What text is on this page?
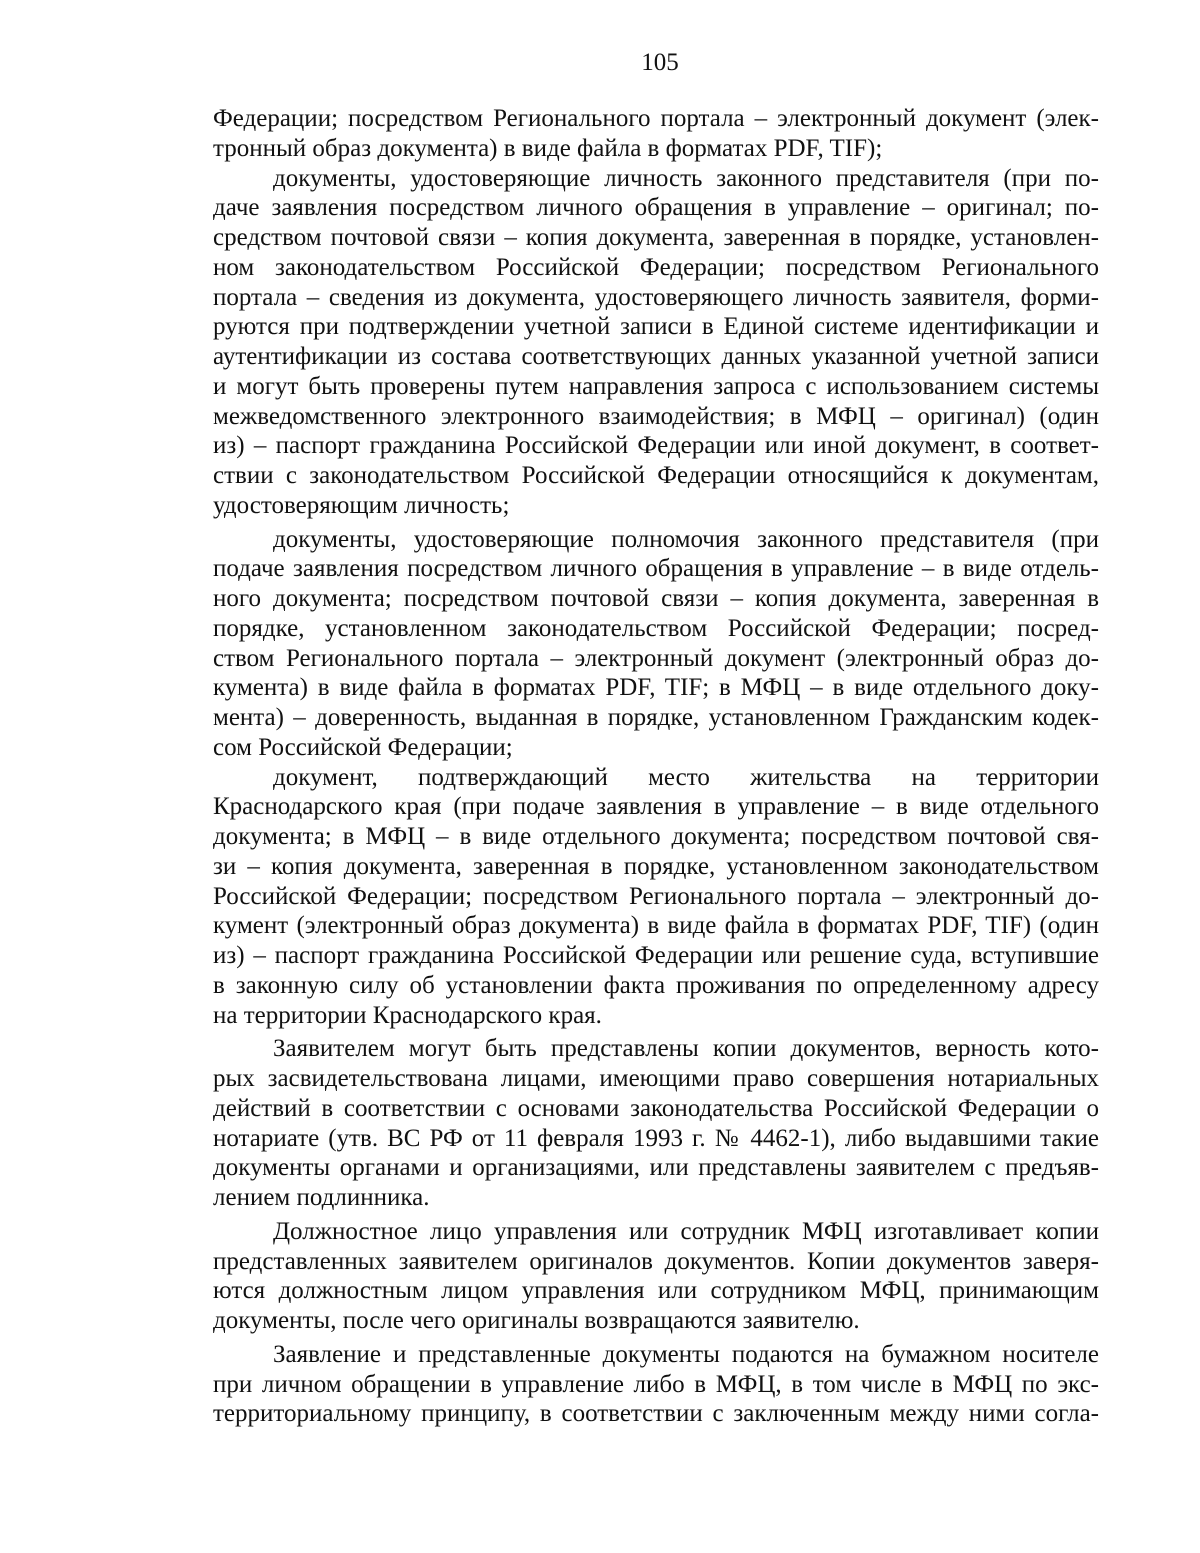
105
Федерации; посредством Регионального портала – электронный документ (элек-
тронный образ документа) в виде файла в форматах PDF, TIF);
документы, удостоверяющие личность законного представителя (при по-
даче заявления посредством личного обращения в управление – оригинал; по-
средством почтовой связи – копия документа, заверенная в порядке, установлен-
ном законодательством Российской Федерации; посредством Регионального
портала – сведения из документа, удостоверяющего личность заявителя, форми-
руются при подтверждении учетной записи в Единой системе идентификации и
аутентификации из состава соответствующих данных указанной учетной записи
и могут быть проверены путем направления запроса с использованием системы
межведомственного электронного взаимодействия; в МФЦ – оригинал) (один
из) – паспорт гражданина Российской Федерации или иной документ, в соответ-
ствии с законодательством Российской Федерации относящийся к документам,
удостоверяющим личность;
документы, удостоверяющие полномочия законного представителя (при
подаче заявления посредством личного обращения в управление – в виде отдель-
ного документа; посредством почтовой связи – копия документа, заверенная в
порядке, установленном законодательством Российской Федерации; посред-
ством Регионального портала – электронный документ (электронный образ до-
кумента) в виде файла в форматах PDF, TIF; в МФЦ – в виде отдельного доку-
мента) – доверенность, выданная в порядке, установленном Гражданским кодек-
сом Российской Федерации;
документ, подтверждающий место жительства на территории
Краснодарского края (при подаче заявления в управление – в виде отдельного
документа; в МФЦ – в виде отдельного документа; посредством почтовой свя-
зи – копия документа, заверенная в порядке, установленном законодательством
Российской Федерации; посредством Регионального портала – электронный до-
кумент (электронный образ документа) в виде файла в форматах PDF, TIF) (один
из) – паспорт гражданина Российской Федерации или решение суда, вступившие
в законную силу об установлении факта проживания по определенному адресу
на территории Краснодарского края.
Заявителем могут быть представлены копии документов, верность кото-
рых засвидетельствована лицами, имеющими право совершения нотариальных
действий в соответствии с основами законодательства Российской Федерации о
нотариате (утв. ВС РФ от 11 февраля 1993 г. № 4462-1), либо выдавшими такие
документы органами и организациями, или представлены заявителем с предъяв-
лением подлинника.
Должностное лицо управления или сотрудник МФЦ изготавливает копии
представленных заявителем оригиналов документов. Копии документов заверя-
ются должностным лицом управления или сотрудником МФЦ, принимающим
документы, после чего оригиналы возвращаются заявителю.
Заявление и представленные документы подаются на бумажном носителе
при личном обращении в управление либо в МФЦ, в том числе в МФЦ по экс-
территориальному принципу, в соответствии с заключенным между ними согла-
